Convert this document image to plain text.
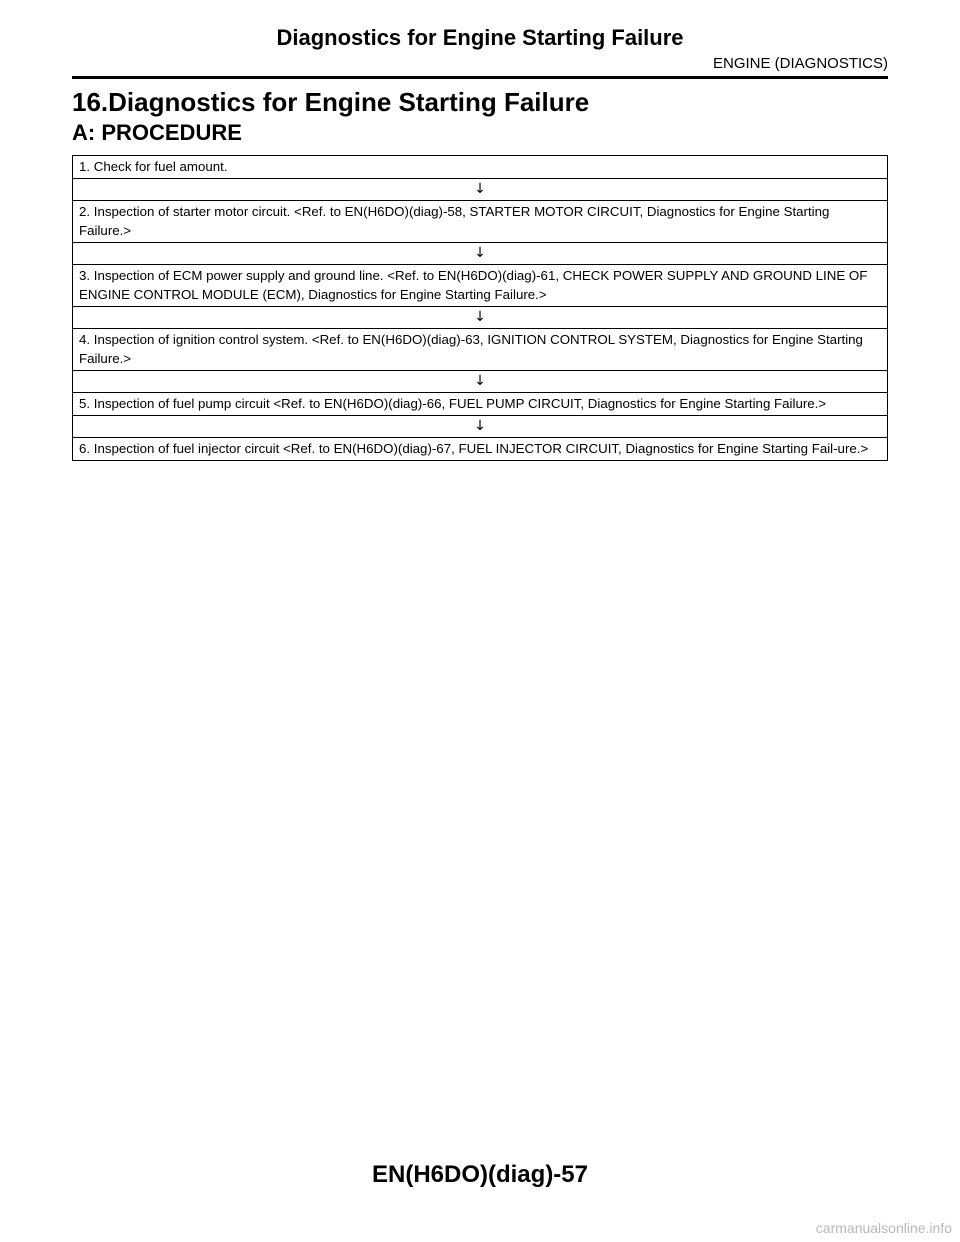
Diagnostics for Engine Starting Failure
ENGINE (DIAGNOSTICS)
16.Diagnostics for Engine Starting Failure
A: PROCEDURE
1. Check for fuel amount.
↓
2. Inspection of starter motor circuit. <Ref. to EN(H6DO)(diag)-58, STARTER MOTOR CIRCUIT, Diagnostics for Engine Starting Failure.>
↓
3. Inspection of ECM power supply and ground line. <Ref. to EN(H6DO)(diag)-61, CHECK POWER SUPPLY AND GROUND LINE OF ENGINE CONTROL MODULE (ECM), Diagnostics for Engine Starting Failure.>
↓
4. Inspection of ignition control system. <Ref. to EN(H6DO)(diag)-63, IGNITION CONTROL SYSTEM, Diagnostics for Engine Starting Failure.>
↓
5. Inspection of fuel pump circuit <Ref. to EN(H6DO)(diag)-66, FUEL PUMP CIRCUIT, Diagnostics for Engine Starting Failure.>
↓
6. Inspection of fuel injector circuit <Ref. to EN(H6DO)(diag)-67, FUEL INJECTOR CIRCUIT, Diagnostics for Engine Starting Fail-ure.>
EN(H6DO)(diag)-57
carmanualsonline.info
